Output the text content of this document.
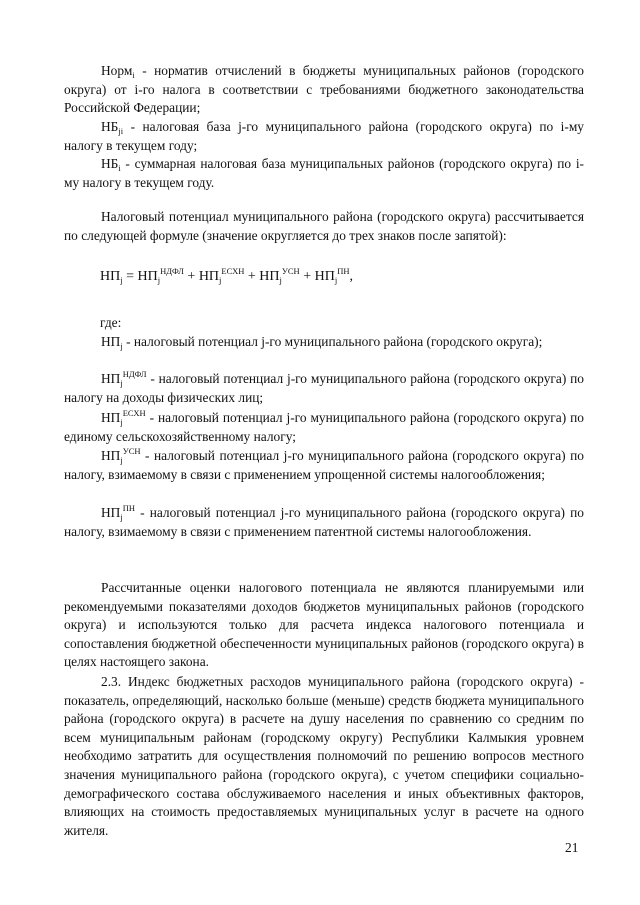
Норм$_i$ - норматив отчислений в бюджеты муниципальных районов (городского округа) от i-го налога в соответствии с требованиями бюджетного законодательства Российской Федерации;
$НБ_{ji}$ - налоговая база j-го муниципального района (городского округа) по i-му налогу в текущем году;
$НБ_i$ - суммарная налоговая база муниципальных районов (городского округа) по i-му налогу в текущем году.
Налоговый потенциал муниципального района (городского округа) рассчитывается по следующей формуле (значение округляется до трех знаков после запятой):
$НП_j = НП_j^{НДФЛ} + НП_j^{ЕСХН} + НП_j^{УСН} + НП_j^{ПН}$,
где:
$НП_j$ - налоговый потенциал j-го муниципального района (городского округа);
$НП_j^{НДФЛ}$ - налоговый потенциал j-го муниципального района (городского округа) по налогу на доходы физических лиц;
$НП_j^{ЕСХН}$ - налоговый потенциал j-го муниципального района (городского округа) по единому сельскохозяйственному налогу;
$НП_j^{УСН}$ - налоговый потенциал j-го муниципального района (городского округа) по налогу, взимаемому в связи с применением упрощенной системы налогообложения;
$НП_j^{ПН}$ - налоговый потенциал j-го муниципального района (городского округа) по налогу, взимаемому в связи с применением патентной системы налогообложения.
Рассчитанные оценки налогового потенциала не являются планируемыми или рекомендуемыми показателями доходов бюджетов муниципальных районов (городского округа) и используются только для расчета индекса налогового потенциала и сопоставления бюджетной обеспеченности муниципальных районов (городского округа) в целях настоящего закона.
2.3. Индекс бюджетных расходов муниципального района (городского округа) - показатель, определяющий, насколько больше (меньше) средств бюджета муниципального района (городского округа) в расчете на душу населения по сравнению со средним по всем муниципальным районам (городскому округу) Республики Калмыкия уровнем необходимо затратить для осуществления полномочий по решению вопросов местного значения муниципального района (городского округа), с учетом специфики социально-демографического состава обслуживаемого населения и иных объективных факторов, влияющих на стоимость предоставляемых муниципальных услуг в расчете на одного жителя.
21
